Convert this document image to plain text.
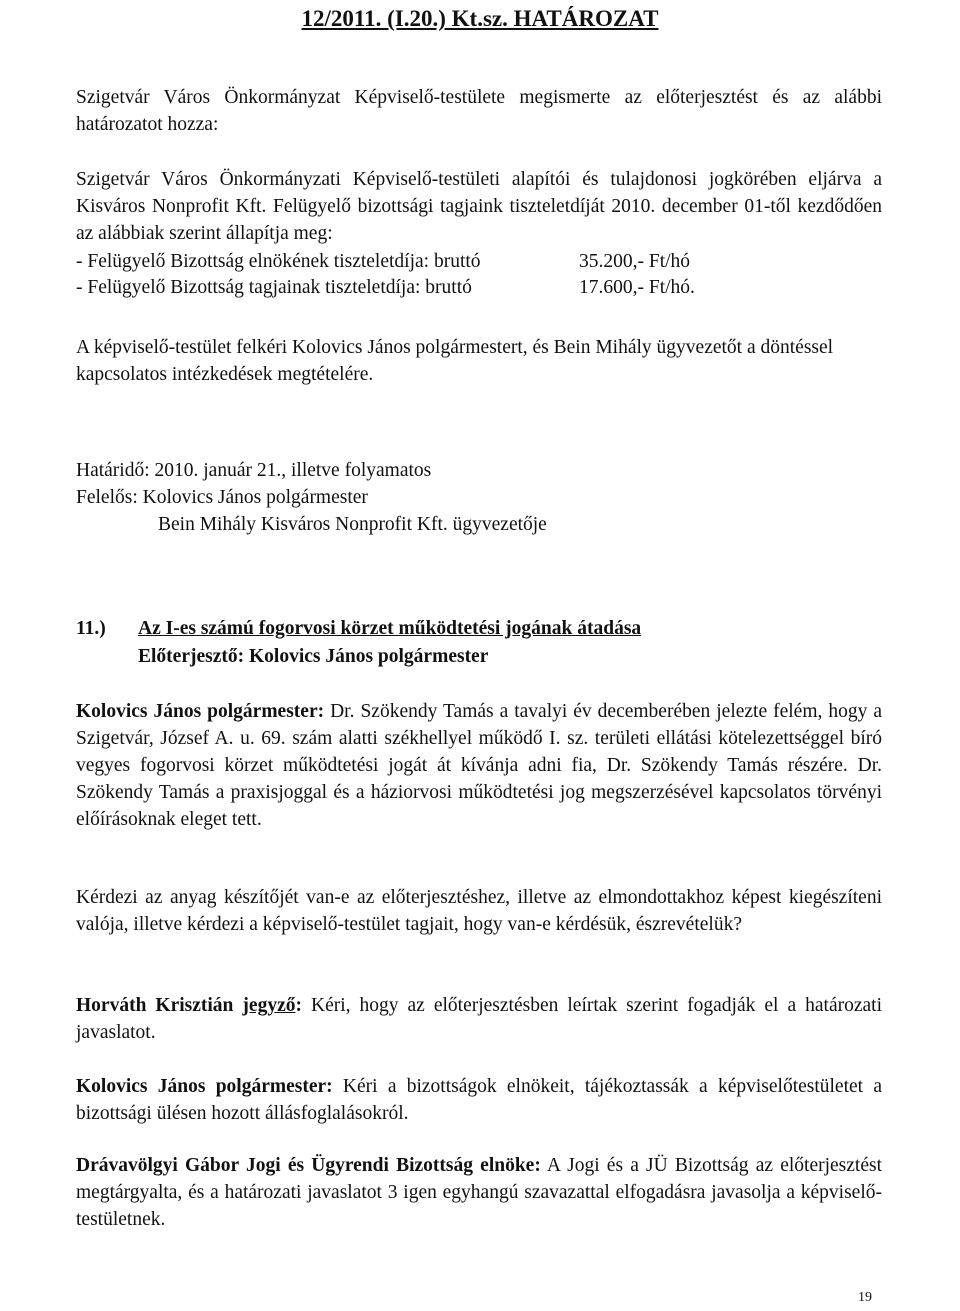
12/2011. (I.20.) Kt.sz. HATÁROZAT
Szigetvár Város Önkormányzat Képviselő-testülete megismerte az előterjesztést és az alábbi határozatot hozza:
Szigetvár Város Önkormányzati Képviselő-testületi alapítói és tulajdonosi jogkörében eljárva a Kisváros Nonprofit Kft. Felügyelő bizottsági tagjaink tiszteletdíját 2010. december 01-től kezdődően az alábbiak szerint állapítja meg:
- Felügyelő Bizottság elnökének tiszteletdíja: bruttó	35.200,- Ft/hó
- Felügyelő Bizottság tagjainak tiszteletdíja: bruttó	17.600,- Ft/hó.
A képviselő-testület felkéri Kolovics János polgármestert, és Bein Mihály ügyvezetőt a döntéssel kapcsolatos intézkedések megtételére.
Határidő: 2010. január 21., illetve folyamatos
Felelős: Kolovics János polgármester
Bein Mihály Kisváros Nonprofit Kft. ügyvezetője
11.) Az I-es számú fogorvosi körzet működtetési jogának átadása
Előterjesztő: Kolovics János polgármester
Kolovics János polgármester: Dr. Szökendy Tamás a tavalyi év decemberében jelezte felém, hogy a Szigetvár, József A. u. 69. szám alatti székhellyel működő I. sz. területi ellátási kötelezettséggel bíró vegyes fogorvosi körzet működtetési jogát át kívánja adni fia, Dr. Szökendy Tamás részére. Dr. Szökendy Tamás a praxisjoggal és a háziorvosi működtetési jog megszerzésével kapcsolatos törvényi előírásoknak eleget tett.
Kérdezi az anyag készítőjét van-e az előterjesztéshez, illetve az elmondottakhoz képest kiegészíteni valója, illetve kérdezi a képviselő-testület tagjait, hogy van-e kérdésük, észrevételük?
Horváth Krisztián jegyző: Kéri, hogy az előterjesztésben leírtak szerint fogadják el a határozati javaslatot.
Kolovics János polgármester: Kéri a bizottságok elnökeit, tájékoztassák a képviselőtestületet a bizottsági ülésen hozott állásfoglalásokról.
Drávavölgyi Gábor Jogi és Ügyrendi Bizottság elnöke: A Jogi és a JÜ Bizottság az előterjesztést megtárgyalta, és a határozati javaslatot 3 igen egyhangú szavazattal elfogadásra javasolja a képviselő-testületnek.
19
